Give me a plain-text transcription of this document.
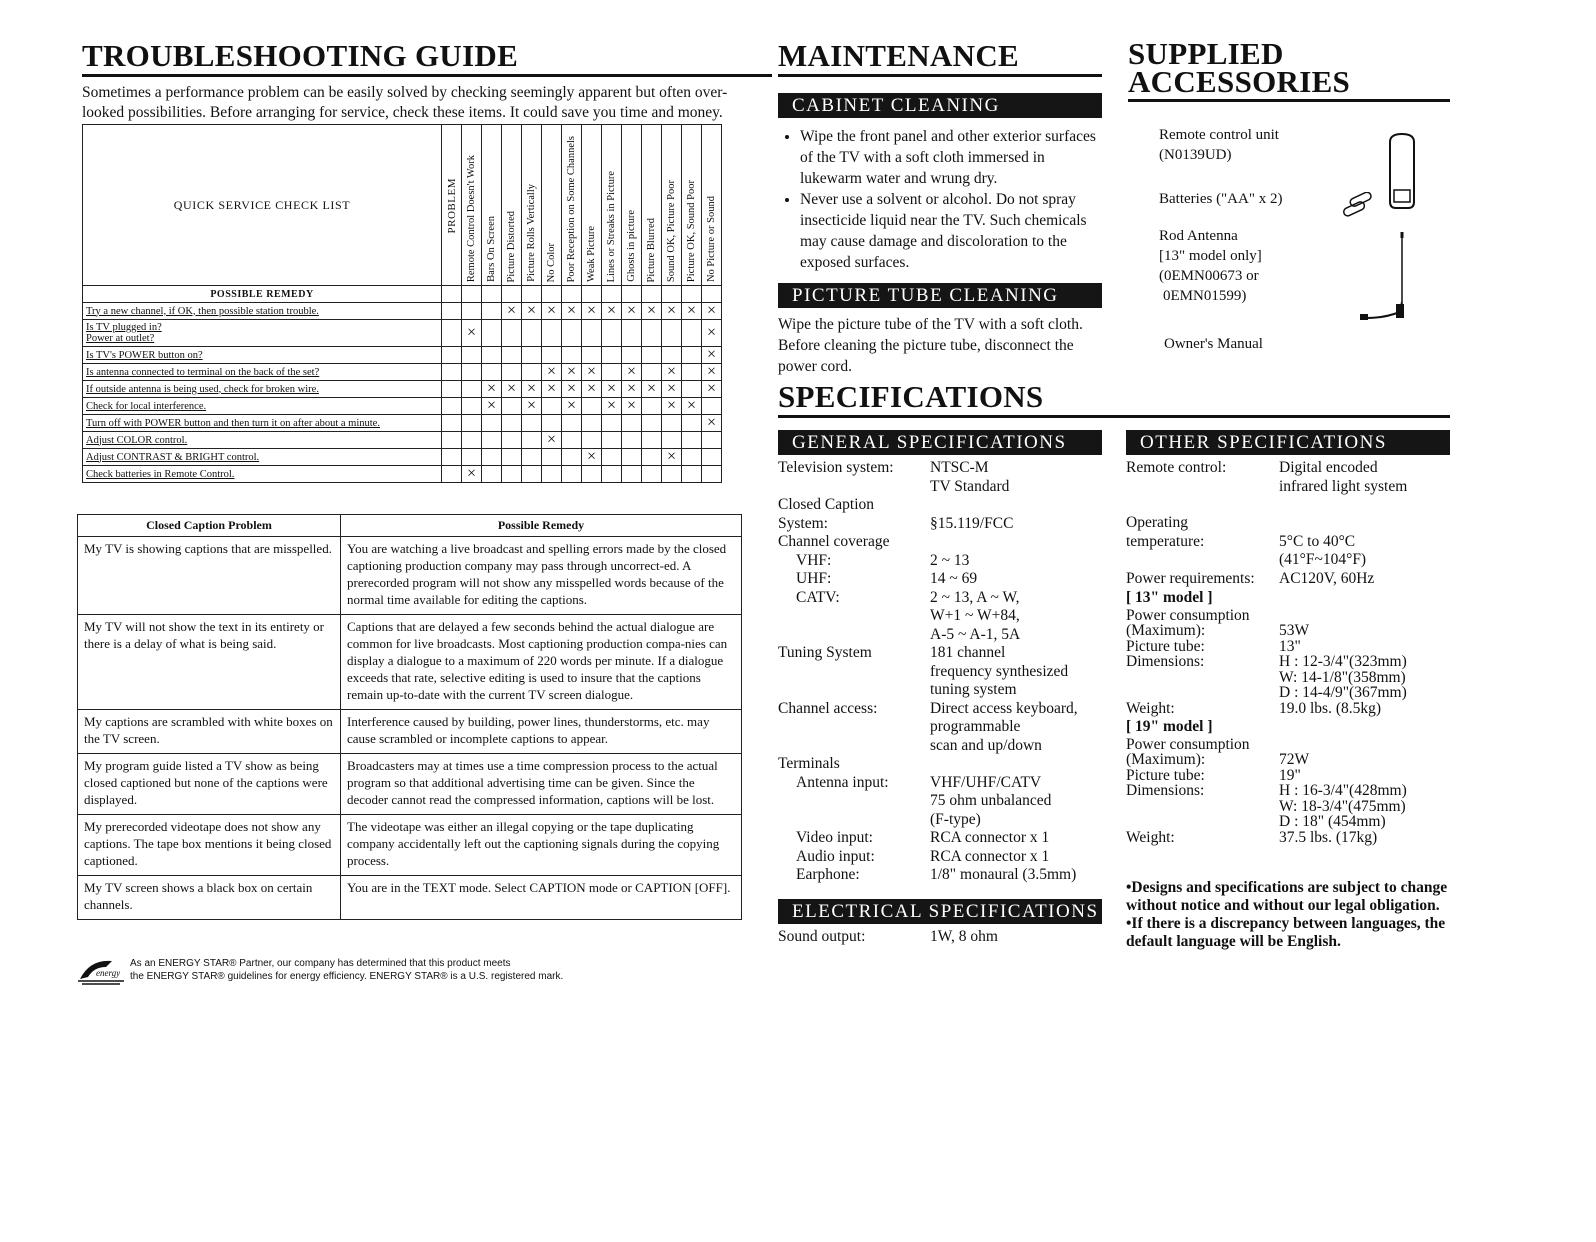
TROUBLESHOOTING GUIDE
Sometimes a performance problem can be easily solved by checking seemingly apparent but often over-
looked possibilities. Before arranging for service, check these items. It could save you time and money.
QUICK SERVICE CHECK LIST	PROBLEM	Remote Control Doesn't Work	Bars On Screen	Picture Distorted	Picture Rolls Vertically	No Color	Poor Reception on Some Channels	Weak Picture	Lines or Streaks in Picture	Ghosts in picture	Picture Blurred	Sound OK, Picture Poor	Picture OK, Sound Poor	No Picture or Sound
POSSIBLE REMEDY														

Try a new channel, if OK, then possible station trouble.				×	×	×	×	×	×	×	×	×	×	×

Is TV plugged in?
Power at outlet?		×												×

Is TV's POWER button on?														×

Is antenna connected to terminal on the back of the set?						×	×	×		×		×		×

If outside antenna is being used, check for broken wire.			×	×	×	×	×	×	×	×	×	×		×

Check for local interference.			×		×		×		×	×		×	×	

Turn off with POWER button and then turn it on after about a minute.														×

Adjust COLOR control.						×								

Adjust CONTRAST & BRIGHT control.								×				×		

Check batteries in Remote Control.		×												
Closed Caption Problem	Possible Remedy
My TV is showing captions that are misspelled.	You are watching a live broadcast and spelling errors made by the closed captioning production company may pass through uncorrect-ed. A prerecorded program will not show any misspelled words because of the normal time available for editing the captions.
My TV will not show the text in its entirety or there is a delay of what is being said.	Captions that are delayed a few seconds behind the actual dialogue are common for live broadcasts. Most captioning production compa-nies can display a dialogue to a maximum of 220 words per minute. If a dialogue exceeds that rate, selective editing is used to insure that the captions remain up-to-date with the current TV screen dialogue.
My captions are scrambled with white boxes on the TV screen.	Interference caused by building, power lines, thunderstorms, etc. may cause scrambled or incomplete captions to appear.
My program guide listed a TV show as being closed captioned but none of the captions were displayed.	Broadcasters may at times use a time compression process to the actual program so that additional advertising time can be given. Since the decoder cannot read the compressed information, captions will be lost.
My prerecorded videotape does not show any captions. The tape box mentions it being closed captioned.	The videotape was either an illegal copying or the tape duplicating company accidentally left out the captioning signals during the copying process.
My TV screen shows a black box on certain channels.	You are in the TEXT mode. Select CAPTION mode or CAPTION [OFF].
energy
As an ENERGY STAR® Partner, our company has determined that this product meets
the ENERGY STAR® guidelines for energy efficiency. ENERGY STAR® is a U.S. registered mark.
MAINTENANCE
CABINET CLEANING
• Wipe the front panel and other exterior surfaces of the TV with a soft cloth immersed in lukewarm water and wrung dry.
• Never use a solvent or alcohol. Do not spray insecticide liquid near the TV. Such chemicals may cause damage and discoloration to the exposed surfaces.
PICTURE TUBE CLEANING
Wipe the picture tube of the TV with a soft cloth. Before cleaning the picture tube, disconnect the power cord.
SPECIFICATIONS
GENERAL SPECIFICATIONS
Television system:	NTSC-M
TV Standard
Closed Caption
System:	§15.119/FCC
Channel coverage
VHF:	2 ~ 13
UHF:	14 ~ 69
CATV:	2 ~ 13, A ~ W,
W+1 ~ W+84,
A-5 ~ A-1, 5A
Tuning System	181 channel
frequency synthesized
tuning system
Channel access:	Direct access keyboard,
programmable
scan and up/down
Terminals
Antenna input:	VHF/UHF/CATV
75 ohm unbalanced
(F-type)
Video input:	RCA connector x 1
Audio input:	RCA connector x 1
Earphone:	1/8" monaural (3.5mm)
ELECTRICAL SPECIFICATIONS
Sound output:	1W, 8 ohm
OTHER SPECIFICATIONS
Remote control:	Digital encoded
infrared light system
Operating
temperature:	5°C to 40°C
(41°F~104°F)
Power requirements:	AC120V, 60Hz
[ 13" model ]
Power consumption
(Maximum):	53W
Picture tube:	13"
Dimensions:	H : 12-3/4"(323mm)
W: 14-1/8"(358mm)
D : 14-4/9"(367mm)
Weight:	19.0 lbs. (8.5kg)
[ 19" model ]
Power consumption
(Maximum):	72W
Picture tube:	19"
Dimensions:	H : 16-3/4"(428mm)
W: 18-3/4"(475mm)
D : 18" (454mm)
Weight:	37.5 lbs. (17kg)
•Designs and specifications are subject to change without notice and without our legal obligation.
•If there is a discrepancy between languages, the default language will be English.
SUPPLIED
ACCESSORIES
Remote control unit
(N0139UD)
Batteries ("AA" x 2)
Rod Antenna
[13" model only]
(0EMN00673 or
0EMN01599)
Owner's Manual
